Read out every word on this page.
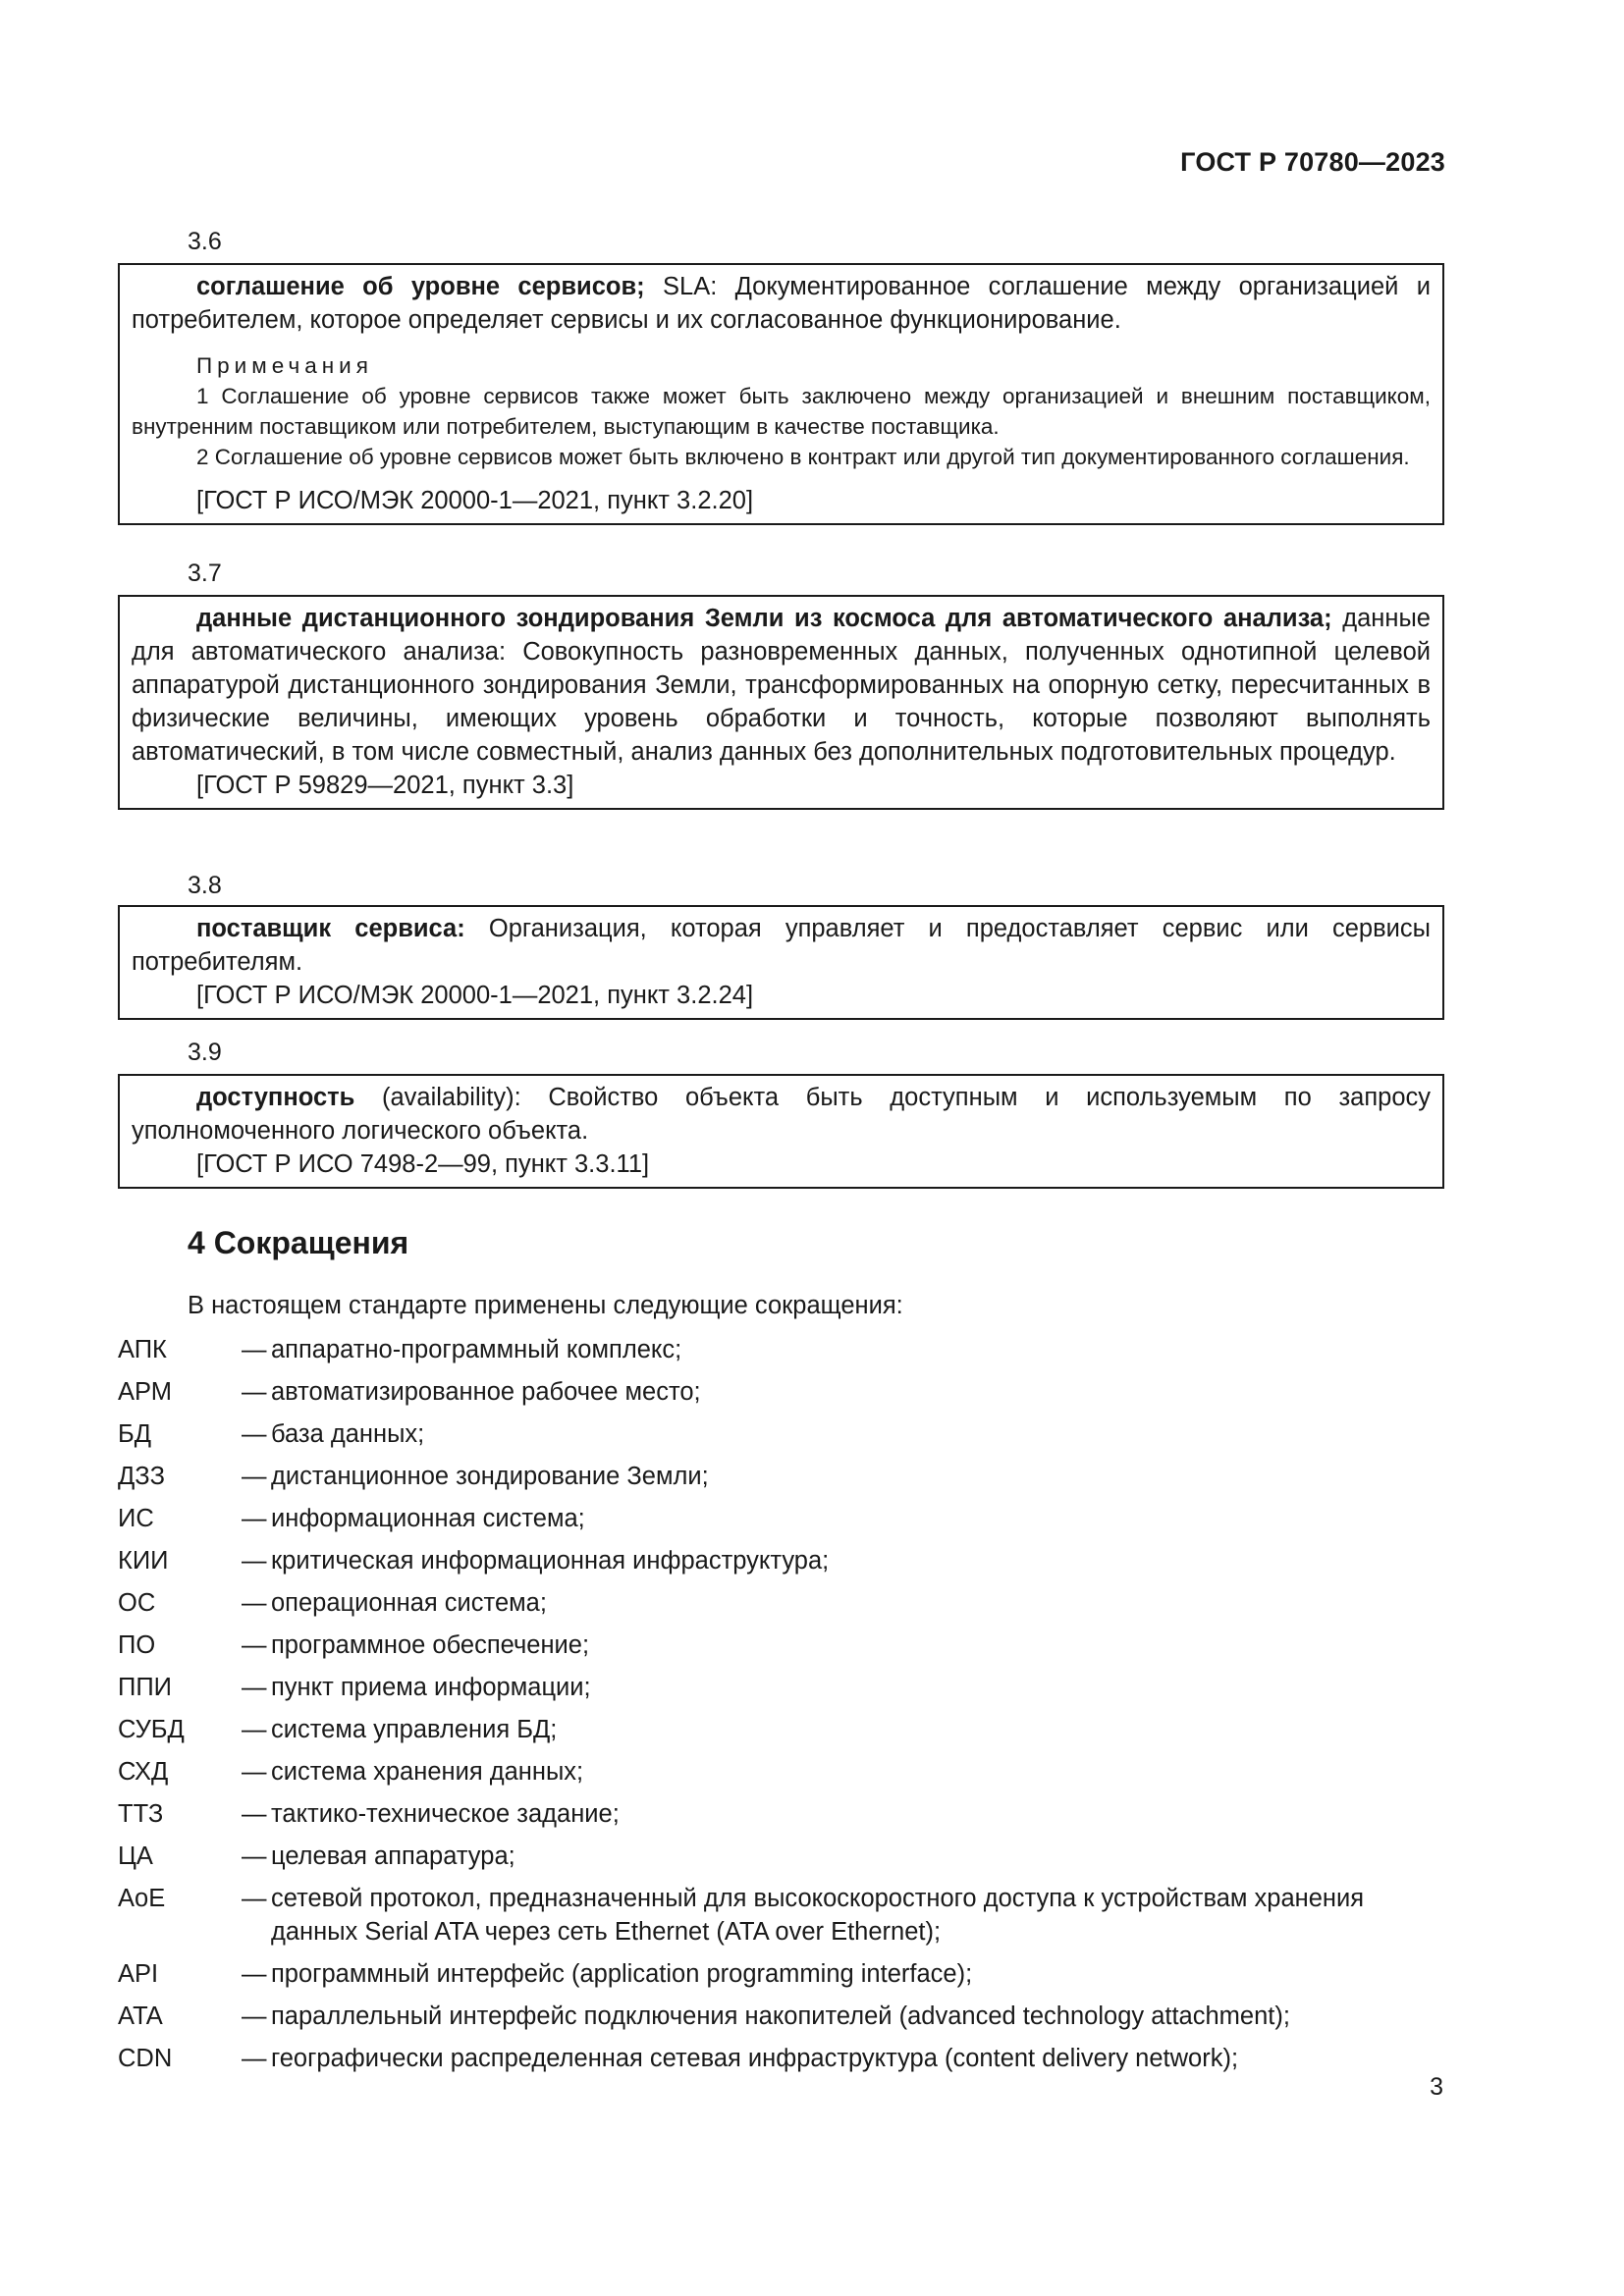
ГОСТ Р 70780—2023
3.6

соглашение об уровне сервисов; SLA: Документированное соглашение между организацией и потребителем, которое определяет сервисы и их согласованное функционирование.

Примечания

1 Соглашение об уровне сервисов также может быть заключено между организацией и внешним поставщиком, внутренним поставщиком или потребителем, выступающим в качестве поставщика.

2 Соглашение об уровне сервисов может быть включено в контракт или другой тип документированного соглашения.

[ГОСТ Р ИСО/МЭК 20000-1—2021, пункт 3.2.20]

3.7

данные дистанционного зондирования Земли из космоса для автоматического анализа; данные для автоматического анализа: Совокупность разновременных данных, полученных однотипной целевой аппаратурой дистанционного зондирования Земли, трансформированных на опорную сетку, пересчитанных в физические величины, имеющих уровень обработки и точность, которые позволяют выполнять автоматический, в том числе совместный, анализ данных без дополнительных подготовительных процедур.

[ГОСТ Р 59829—2021, пункт 3.3]

3.8

поставщик сервиса: Организация, которая управляет и предоставляет сервис или сервисы потребителям.

[ГОСТ Р ИСО/МЭК 20000-1—2021, пункт 3.2.24]

3.9

доступность (availability): Свойство объекта быть доступным и используемым по запросу уполномоченного логического объекта.

[ГОСТ Р ИСО 7498-2—99, пункт 3.3.11]

4 Сокращения
В настоящем стандарте применены следующие сокращения:
АПК	— аппаратно-программный комплекс;
АРМ	— автоматизированное рабочее место;
БД	— база данных;
ДЗЗ	— дистанционное зондирование Земли;
ИС	— информационная система;
КИИ	— критическая информационная инфраструктура;
ОС	— операционная система;
ПО	— программное обеспечение;
ППИ	— пункт приема информации;
СУБД	— система управления БД;
СХД	— система хранения данных;
ТТЗ	— тактико-техническое задание;
ЦА	— целевая аппаратура;
AoE	— сетевой протокол, предназначенный для высокоскоростного доступа к устройствам хранения данных Serial ATA через сеть Ethernet (ATA over Ethernet);
API	— программный интерфейс (application programming interface);
ATA	— параллельный интерфейс подключения накопителей (advanced technology attachment);
CDN	— географически распределенная сетевая инфраструктура (content delivery network);
3
